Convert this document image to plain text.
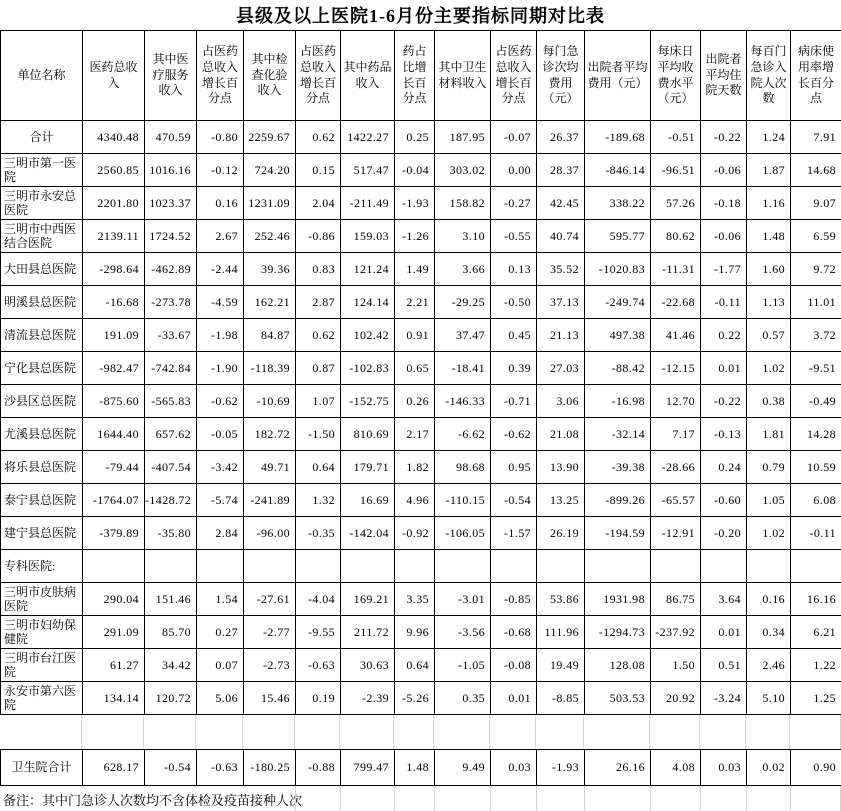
县级及以上医院1-6月份主要指标同期对比表
单位名称	医药总收入	其中医疗服务收入	占医药总收入增长百分点	其中检查化验收入	占医药总收入增长百分点	其中药品收入	药占比增长百分点	其中卫生材料收入	占医药总收入增长百分点	每门急诊次均费用（元）	出院者平均费用（元）	每床日平均收费水平（元）	出院者平均住院天数	每百门急诊入院人次数	病床使用率增长百分点
合计	4340.48	470.59	-0.80	2259.67	0.62	1422.27	0.25	187.95	-0.07	26.37	-189.68	-0.51	-0.22	1.24	7.91
三明市第一医院	2560.85	1016.16	-0.12	724.20	0.15	517.47	-0.04	303.02	0.00	28.37	-846.14	-96.51	-0.06	1.87	14.68
三明市永安总医院	2201.80	1023.37	0.16	1231.09	2.04	-211.49	-1.93	158.82	-0.27	42.45	338.22	57.26	-0.18	1.16	9.07
三明市中西医结合医院	2139.11	1724.52	2.67	252.46	-0.86	159.03	-1.26	3.10	-0.55	40.74	595.77	80.62	-0.06	1.48	6.59
大田县总医院	-298.64	-462.89	-2.44	39.36	0.83	121.24	1.49	3.66	0.13	35.52	-1020.83	-11.31	-1.77	1.60	9.72
明溪县总医院	-16.68	-273.78	-4.59	162.21	2.87	124.14	2.21	-29.25	-0.50	37.13	-249.74	-22.68	-0.11	1.13	11.01
清流县总医院	191.09	-33.67	-1.98	84.87	0.62	102.42	0.91	37.47	0.45	21.13	497.38	41.46	0.22	0.57	3.72
宁化县总医院	-982.47	-742.84	-1.90	-118.39	0.87	-102.83	0.65	-18.41	0.39	27.03	-88.42	-12.15	0.01	1.02	-9.51
沙县区总医院	-875.60	-565.83	-0.62	-10.69	1.07	-152.75	0.26	-146.33	-0.71	3.06	-16.98	12.70	-0.22	0.38	-0.49
尤溪县总医院	1644.40	657.62	-0.05	182.72	-1.50	810.69	2.17	-6.62	-0.62	21.08	-32.14	7.17	-0.13	1.81	14.28
将乐县总医院	-79.44	-407.54	-3.42	49.71	0.64	179.71	1.82	98.68	0.95	13.90	-39.38	-28.66	0.24	0.79	10.59
泰宁县总医院	-1764.07	-1428.72	-5.74	-241.89	1.32	16.69	4.96	-110.15	-0.54	13.25	-899.26	-65.57	-0.60	1.05	6.08
建宁县总医院	-379.89	-35.80	2.84	-96.00	-0.35	-142.04	-0.92	-106.05	-1.57	26.19	-194.59	-12.91	-0.20	1.02	-0.11
专科医院:															
三明市皮肤病医院	290.04	151.46	1.54	-27.61	-4.04	169.21	3.35	-3.01	-0.85	53.86	1931.98	86.75	3.64	0.16	16.16
三明市妇幼保健院	291.09	85.70	0.27	-2.77	-9.55	211.72	9.96	-3.56	-0.68	111.96	-1294.73	-237.92	0.01	0.34	6.21
三明市台江医院	61.27	34.42	0.07	-2.73	-0.63	30.63	0.64	-1.05	-0.08	19.49	128.08	1.50	0.51	2.46	1.22
永安市第六医院	134.14	120.72	5.06	15.46	0.19	-2.39	-5.26	0.35	0.01	-8.85	503.53	20.92	-3.24	5.10	1.25
卫生院合计	628.17	-0.54	-0.63	-180.25	-0.88	799.47	1.48	9.49	0.03	-1.93	26.16	4.08	0.03	0.02	0.90
备注：其中门急诊人次数均不含体检及疫苗接种人次
